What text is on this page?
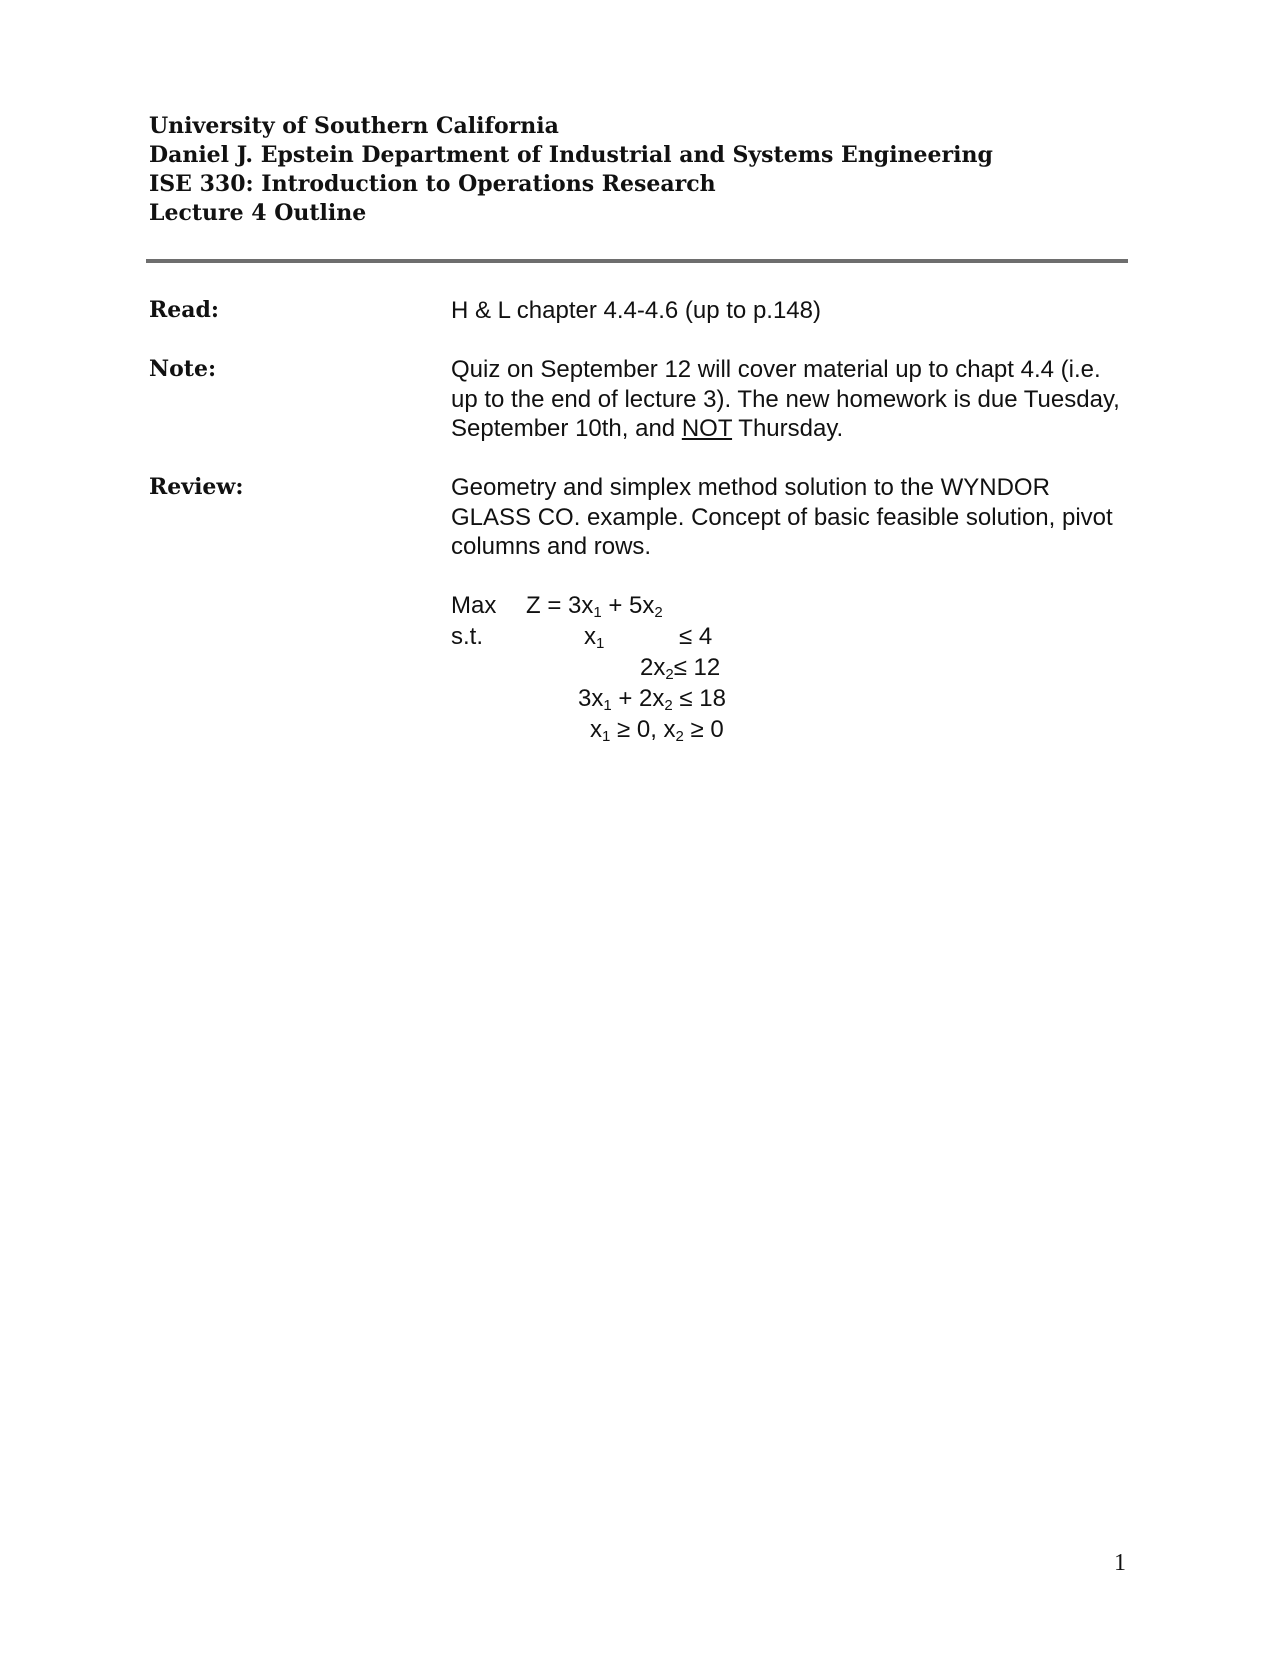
University of Southern California
Daniel J. Epstein Department of Industrial and Systems Engineering
ISE 330: Introduction to Operations Research
Lecture 4 Outline
Read:	H & L chapter 4.4-4.6 (up to p.148)
Note:	Quiz on September 12 will cover material up to chapt 4.4 (i.e. up to the end of lecture 3). The new homework is due Tuesday, September 10th, and NOT Thursday.
Review:	Geometry and simplex method solution to the WYNDOR GLASS CO. example. Concept of basic feasible solution, pivot columns and rows.
Max $Z = 3x_1 + 5x_2$
s.t.	$x_1$	≤ 4
$2x_2\le 12$
$3x_1 + 2x_2 \le 18$
$x_1 \ge 0$, $x_2 \ge 0$
1
